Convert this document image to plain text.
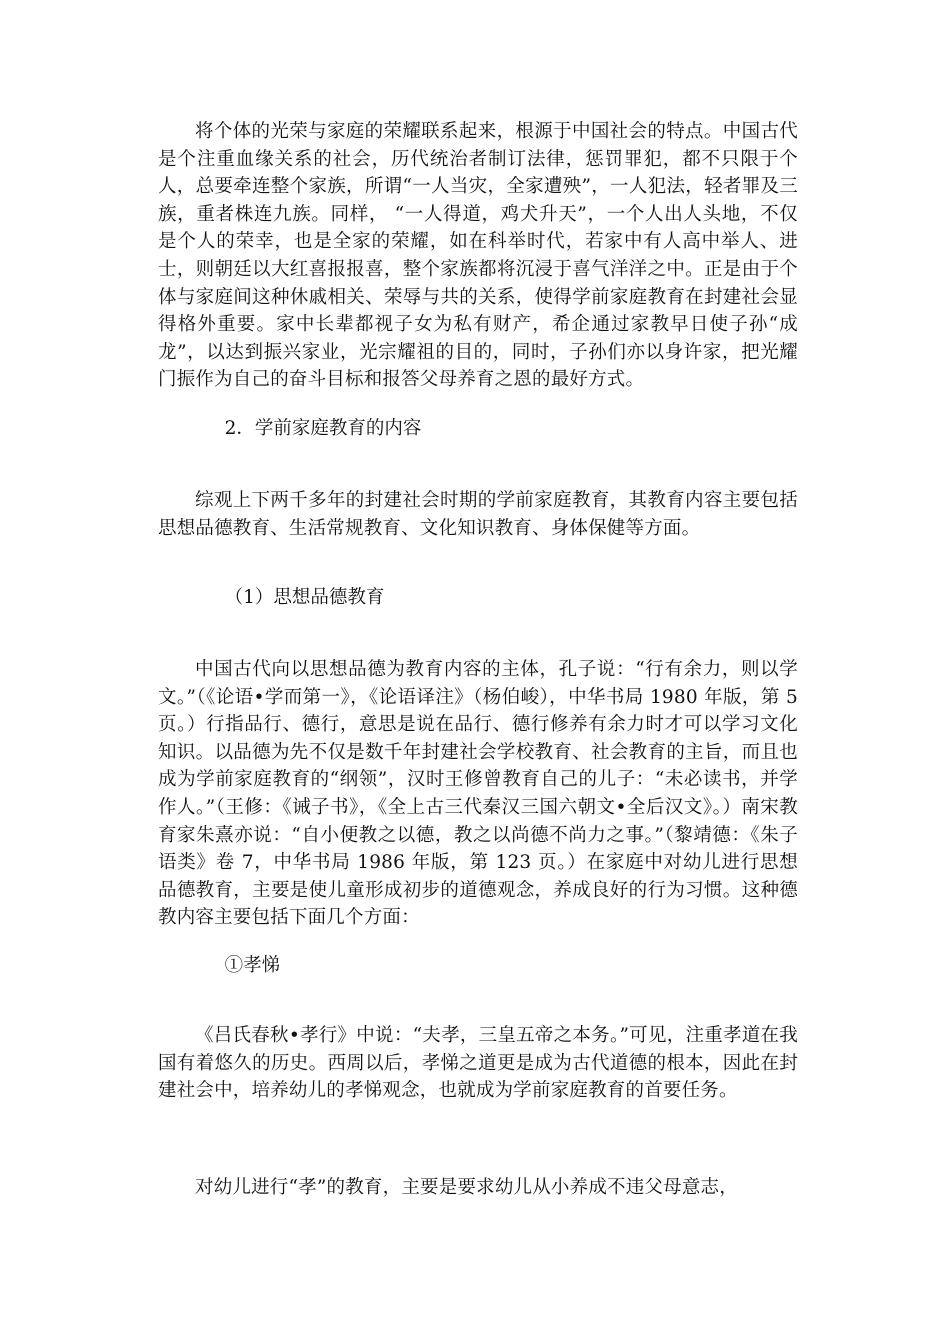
将个体的光荣与家庭的荣耀联系起来，根源于中国社会的特点。中国古代是个注重血缘关系的社会，历代统治者制订法律，惩罚罪犯，都不只限于个人，总要牵连整个家族，所谓“一人当灾，全家遭殃”，一人犯法，轻者罪及三族，重者株连九族。同样， “一人得道，鸡犬升天”，一个人出人头地，不仅是个人的荣幸，也是全家的荣耀，如在科举时代，若家中有人高中举人、进士，则朝廷以大红喜报报喜，整个家族都将沉浸于喜气洋洋之中。正是由于个体与家庭间这种休戚相关、荣辱与共的关系，使得学前家庭教育在封建社会显得格外重要。家中长辈都视子女为私有财产，希企通过家教早日使子孙“成龙”，以达到振兴家业，光宗耀祖的目的，同时，子孙们亦以身许家，把光耀门振作为自己的奋斗目标和报答父母养育之恩的最好方式。
2．学前家庭教育的内容
综观上下两千多年的封建社会时期的学前家庭教育，其教育内容主要包括思想品德教育、生活常规教育、文化知识教育、身体保健等方面。
（1）思想品德教育
中国古代向以思想品德为教育内容的主体，孔子说：“行有余力，则以学文。”（《论语•学而第一》，《论语译注》（杨伯峻），中华书局 1980 年版，第 5 页。）行指品行、德行，意思是说在品行、德行修养有余力时才可以学习文化知识。以品德为先不仅是数千年封建社会学校教育、社会教育的主旨，而且也成为学前家庭教育的“纲领”，汉时王修曾教育自己的儿子：“未必读书，并学作人。”（王修：《诫子书》，《全上古三代秦汉三国六朝文•全后汉文》。）南宋教育家朱熹亦说：“自小便教之以德，教之以尚德不尚力之事。”（黎靖德：《朱子语类》卷 7，中华书局 1986 年版，第 123 页。）在家庭中对幼儿进行思想品德教育，主要是使儿童形成初步的道德观念，养成良好的行为习惯。这种德教内容主要包括下面几个方面：
①孝悌
《吕氏春秋•孝行》中说：“夫孝，三皇五帝之本务。”可见，注重孝道在我国有着悠久的历史。西周以后，孝悌之道更是成为古代道德的根本，因此在封建社会中，培养幼儿的孝悌观念，也就成为学前家庭教育的首要任务。
对幼儿进行“孝”的教育，主要是要求幼儿从小养成不违父母意志，
